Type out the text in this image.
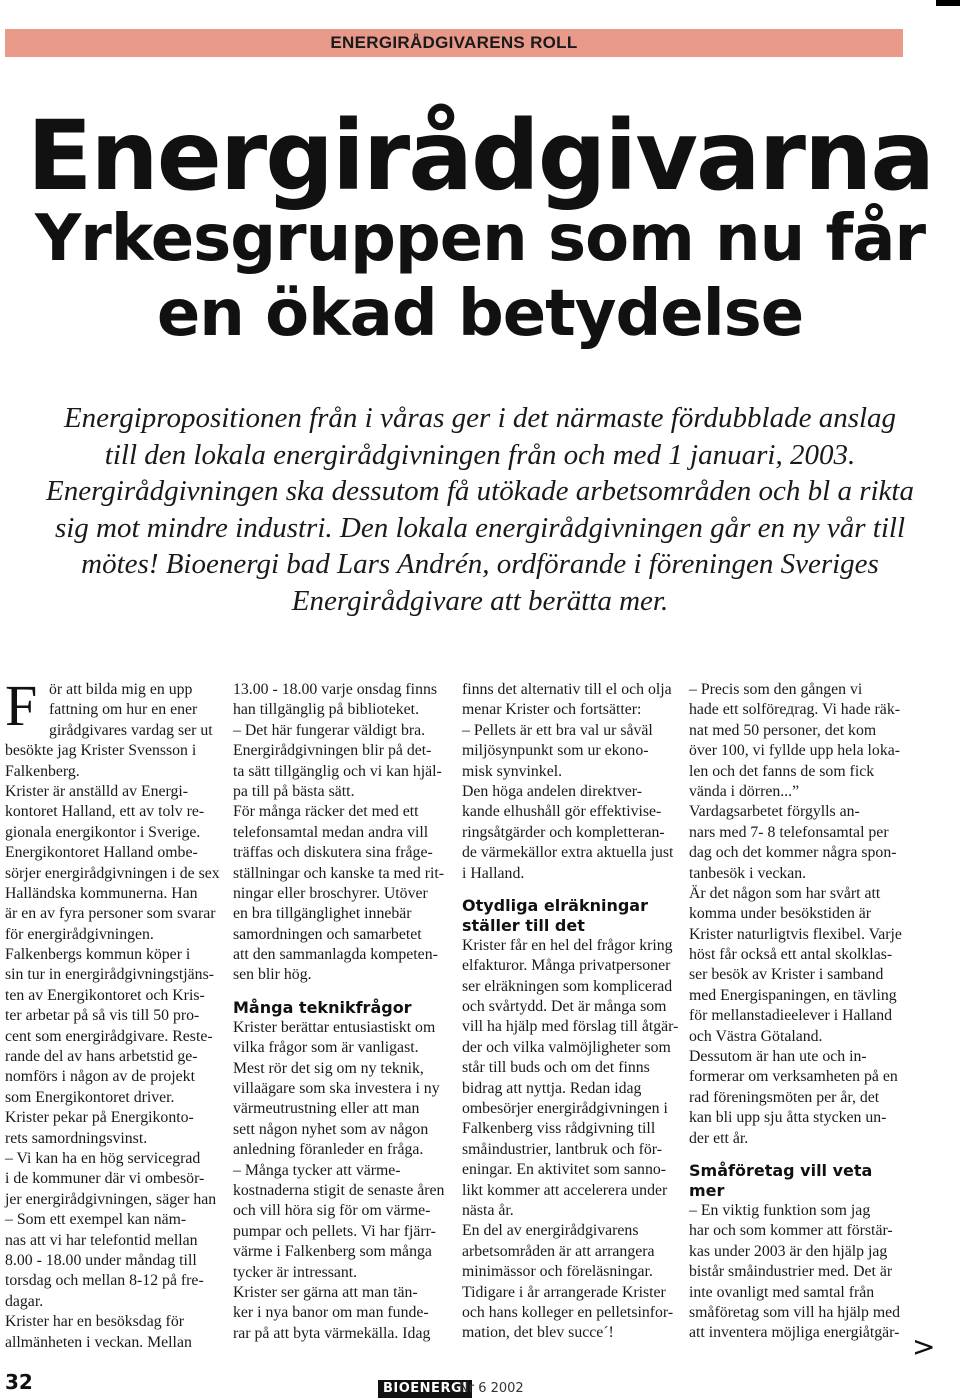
ENERGIRÅDGIVARENS ROLL
Energirådgivarna
Yrkesgruppen som nu får
en ökad betydelse
Energipropositionen från i våras ger i det närmaste fördubblade anslag
till den lokala energirådgivningen från och med 1 januari, 2003.
Energirådgivningen ska dessutom få utökade arbetsområden och bl a rikta
sig mot mindre industri. Den lokala energirådgivningen går en ny vår till
mötes! Bioenergi bad Lars Andrén, ordförande i föreningen Sveriges
Energirådgivare att berätta mer.
F ör att bilda mig en upp
fattning om hur en ener
girådgivares vardag ser ut
besökte jag Krister Svensson i
Falkenberg.
Krister är anställd av Energi-
kontoret Halland, ett av tolv re-
gionala energikontor i Sverige.
Energikontoret Halland ombe-
sörjer energirådgivningen i de sex
Halländska kommunerna. Han
är en av fyra personer som svarar
för energirådgivningen.
Falkenbergs kommun köper i
sin tur in energirådgivningstjäns-
ten av Energikontoret och Kris-
ter arbetar på så vis till 50 pro-
cent som energirådgivare. Reste-
rande del av hans arbetstid ge-
nomförs i någon av de projekt
som Energikontoret driver.
Krister pekar på Energikonto-
rets samordningsvinst.
– Vi kan ha en hög servicegrad
i de kommuner där vi ombesör-
jer energirådgivningen, säger han
– Som ett exempel kan näm-
nas att vi har telefontid mellan
8.00 - 18.00 under måndag till
torsdag och mellan 8-12 på fre-
dagar.
Krister har en besöksdag för
allmänheten i veckan. Mellan
13.00 - 18.00 varje onsdag finns
han tillgänglig på biblioteket.
– Det här fungerar väldigt bra.
Energirådgivningen blir på det-
ta sätt tillgänglig och vi kan hjäl-
pa till på bästa sätt.
För många räcker det med ett
telefonsamtal medan andra vill
träffas och diskutera sina fråge-
ställningar och kanske ta med rit-
ningar eller broschyrer. Utöver
en bra tillgänglighet innebär
samordningen och samarbetet
att den sammanlagda kompeten-
sen blir hög.
Många teknikfrågor
Krister berättar entusiastiskt om
vilka frågor som är vanligast.
Mest rör det sig om ny teknik,
villaägare som ska investera i ny
värmeutrustning eller att man
sett någon nyhet som av någon
anledning föranleder en fråga.
– Många tycker att värme-
kostnaderna stigit de senaste åren
och vill höra sig för om värme-
pumpar och pellets. Vi har fjärr-
värme i Falkenberg som många
tycker är intressant.
Krister ser gärna att man tän-
ker i nya banor om man funde-
rar på att byta värmekälla. Idag
finns det alternativ till el och olja
menar Krister och fortsätter:
– Pellets är ett bra val ur såväl
miljösynpunkt som ur ekono-
misk synvinkel.
Den höga andelen direktver-
kande elhushåll gör effektivise-
ringsåtgärder och kompletteran-
de värmekällor extra aktuella just
i Halland.
Otydliga elräkningar
ställer till det
Krister får en hel del frågor kring
elfakturor. Många privatpersoner
ser elräkningen som komplicerad
och svårtydd. Det är många som
vill ha hjälp med förslag till åtgär-
der och vilka valmöjligheter som
står till buds och om det finns
bidrag att nyttja. Redan idag
ombesörjer energirådgivningen i
Falkenberg viss rådgivning till
småindustrier, lantbruk och för-
eningar. En aktivitet som sanno-
likt kommer att accelerera under
nästa år.
En del av energirådgivarens
arbetsområden är att arrangera
minimässor och föreläsningar.
Tidigare i år arrangerade Krister
och hans kolleger en pelletsinfor-
mation, det blev succe´!
– Precis som den gången vi
hade ett solförедrag. Vi hade räk-
nat med 50 personer, det kom
över 100, vi fyllde upp hela loka-
len och det fanns de som fick
vända i dörren...”
Vardagsarbetet förgylls an-
nars med 7- 8 telefonsamtal per
dag och det kommer några spon-
tanbesök i veckan.
Är det någon som har svårt att
komma under besökstiden är
Krister naturligtvis flexibel. Varje
höst får också ett antal skolklas-
ser besök av Krister i samband
med Energispaningen, en tävling
för mellanstadieelever i Halland
och Västra Götaland.
Dessutom är han ute och in-
formerar om verksamheten på en
rad föreningsmöten per år, det
kan bli upp sju åtta stycken un-
der ett år.
Småföretag vill veta
mer
– En viktig funktion som jag
har och som kommer att förstär-
kas under 2003 är den hjälp jag
bistår småindustrier med. Det är
inte ovanligt med samtal från
småföretag som vill ha hjälp med
att inventera möjliga energiåtgär- >
32	BIOENERGI
Nr 6 2002
